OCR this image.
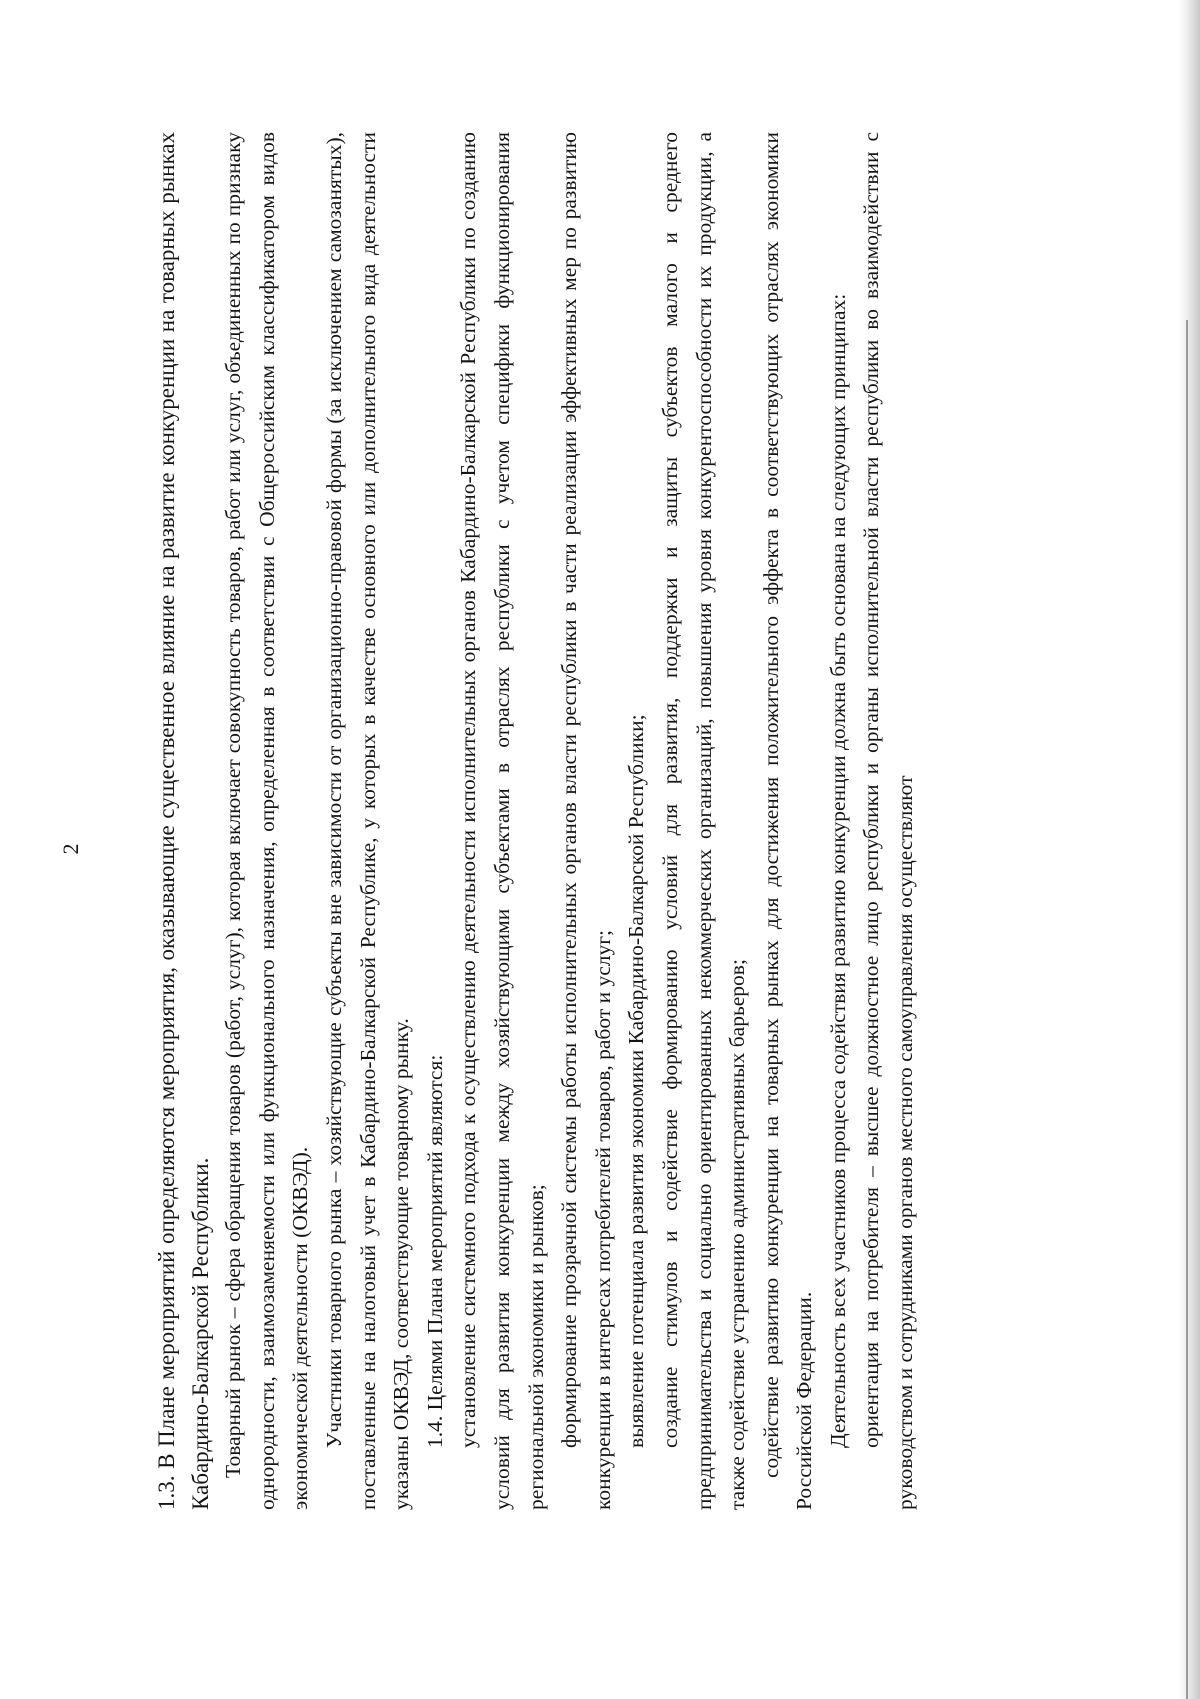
2	1.3. В Плане мероприятий определяются мероприятия, оказывающие существенное влияние на развитие конкуренции на товарных рынках Кабардино-Балкарской Республики. Товарный рынок – сфера обращения товаров (работ, услуг), которая включает совокупность товаров, работ или услуг, объединенных по признаку однородности, взаимозаменяемости или функционального назначения, определенная в соответствии с Общероссийским классификатором видов экономической деятельности (ОКВЭД). Участники товарного рынка – хозяйствующие субъекты вне зависимости от организационно-правовой формы (за исключением самозанятых), поставленные на налоговый учет в Кабардино-Балкарской Республике, у которых в качестве основного или дополнительного вида деятельности указаны ОКВЭД, соответствующие товарному рынку. 1.4. Целями Плана мероприятий являются: установление системного подхода к осуществлению деятельности исполнительных органов Кабардино-Балкарской Республики по созданию условий для развития конкуренции между хозяйствующими субъектами в отраслях республики с учетом специфики функционирования региональной экономики и рынков; формирование прозрачной системы работы исполнительных органов власти республики в части реализации эффективных мер по развитию конкуренции в интересах потребителей товаров, работ и услуг; выявление потенциала развития экономики Кабардино-Балкарской Республики; создание стимулов и содействие формированию условий для развития, поддержки и защиты субъектов малого и среднего предпринимательства и социально ориентированных некоммерческих организаций, повышения уровня конкурентоспособности их продукции, а также содействие устранению административных барьеров; содействие развитию конкуренции на товарных рынках для достижения положительного эффекта в соответствующих отраслях экономики Российской Федерации. Деятельность всех участников процесса содействия развитию конкуренции должна быть основана на следующих принципах: ориентация на потребителя – высшее должностное лицо республики и органы исполнительной власти республики во взаимодействии с руководством и сотрудниками органов местного самоуправления осуществляют
